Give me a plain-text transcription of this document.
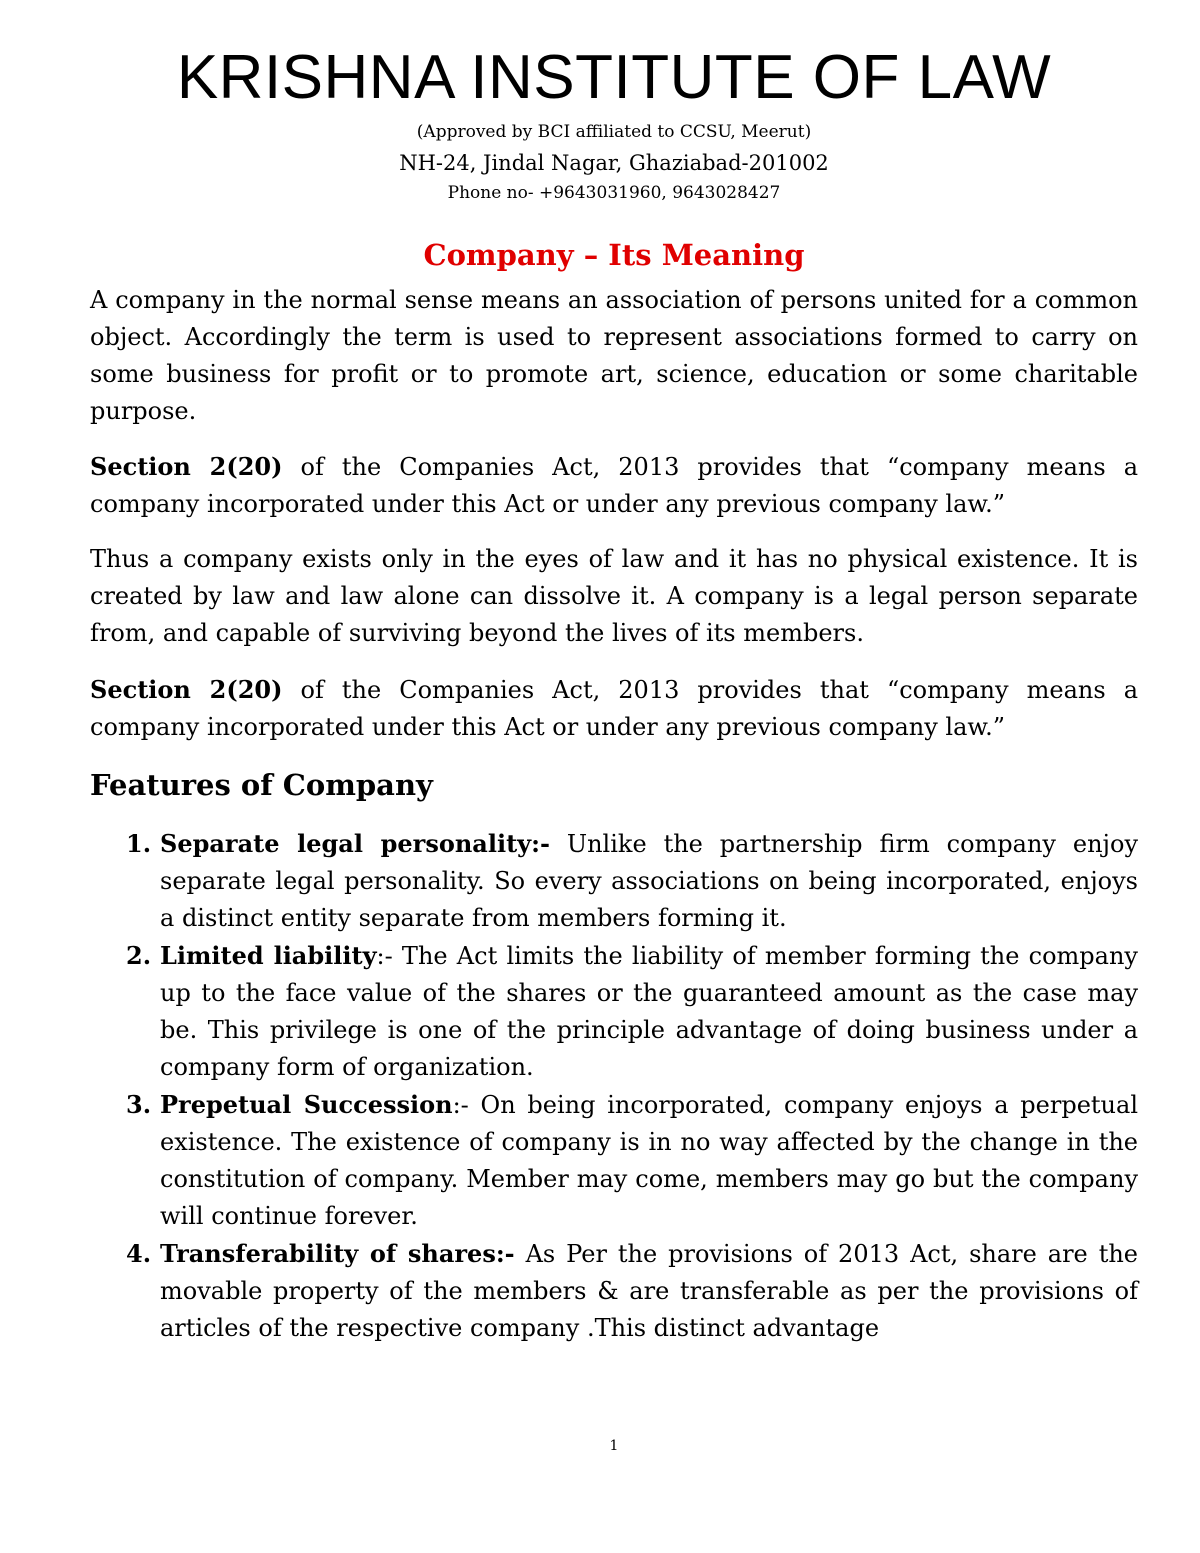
KRISHNA INSTITUTE OF LAW
(Approved by BCI affiliated to CCSU, Meerut)
NH-24, Jindal Nagar, Ghaziabad-201002
Phone no- +9643031960, 9643028427
Company – Its Meaning
A company in the normal sense means an association of persons united for a common object. Accordingly the term is used to represent associations formed to carry on some business for profit or to promote art, science, education or some charitable purpose.
Section 2(20) of the Companies Act, 2013 provides that “company means a company incorporated under this Act or under any previous company law.”
Thus a company exists only in the eyes of law and it has no physical existence. It is created by law and law alone can dissolve it. A company is a legal person separate from, and capable of surviving beyond the lives of its members.
Section 2(20) of the Companies Act, 2013 provides that “company means a company incorporated under this Act or under any previous company law.”
Features of Company
1. Separate legal personality:- Unlike the partnership firm company enjoy separate legal personality. So every associations on being incorporated, enjoys a distinct entity separate from members forming it.
2. Limited liability:- The Act limits the liability of member forming the company up to the face value of the shares or the guaranteed amount as the case may be. This privilege is one of the principle advantage of doing business under a company form of organization.
3. Prepetual Succession:- On being incorporated, company enjoys a perpetual existence. The existence of company is in no way affected by the change in the constitution of company. Member may come, members may go but the company will continue forever.
4. Transferability of shares:- As Per the provisions of 2013 Act, share are the movable property of the members & are transferable as per the provisions of articles of the respective company .This distinct advantage
1
